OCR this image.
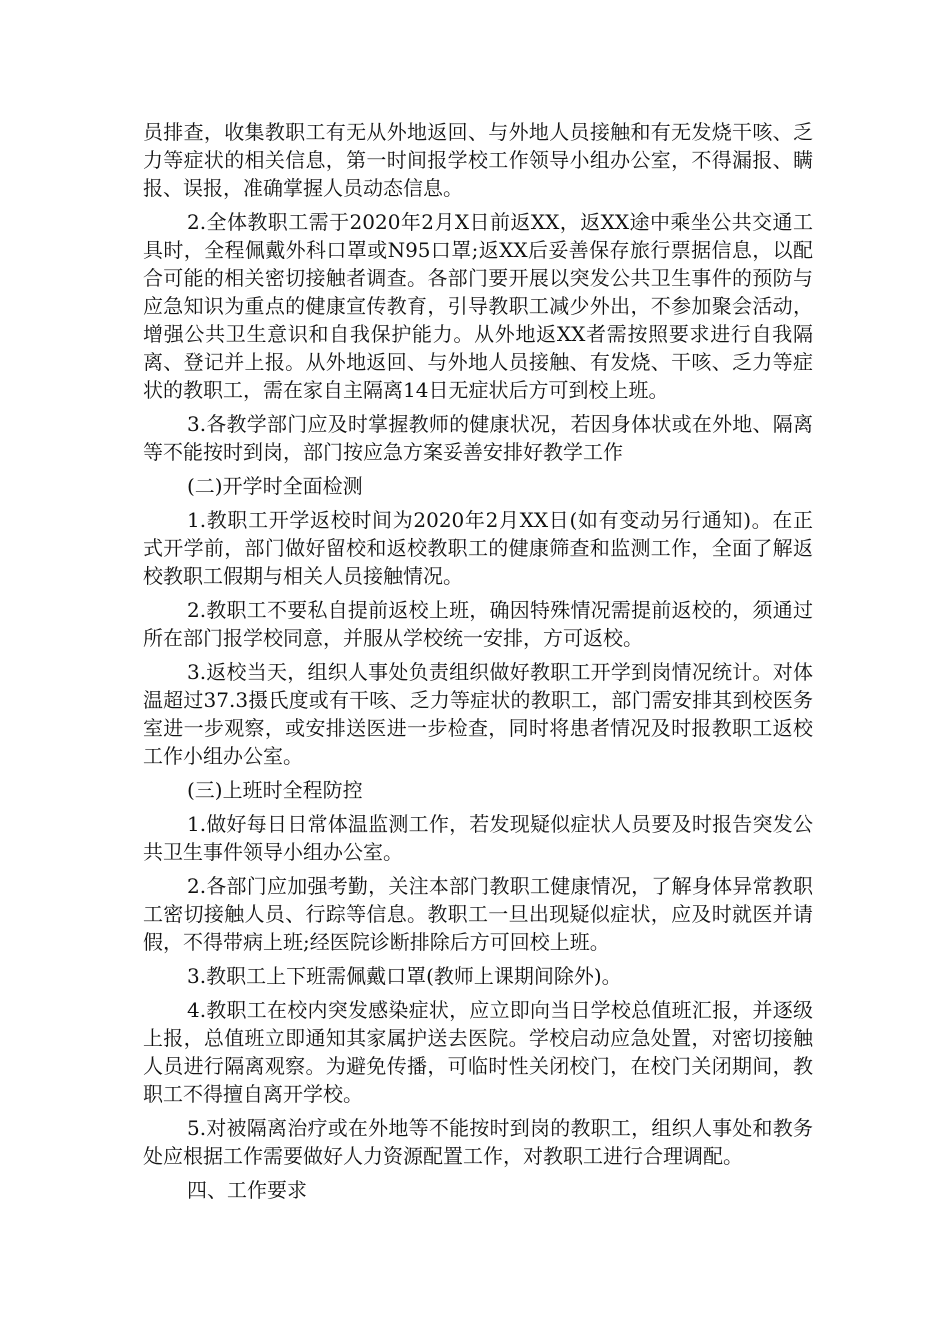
员排查，收集教职工有无从外地返回、与外地人员接触和有无发烧干咳、乏力等症状的相关信息，第一时间报学校工作领导小组办公室，不得漏报、瞒报、误报，准确掌握人员动态信息。

2.全体教职工需于2020年2月X日前返XX，返XX途中乘坐公共交通工具时，全程佩戴外科口罩或N95口罩;返XX后妥善保存旅行票据信息，以配合可能的相关密切接触者调查。各部门要开展以突发公共卫生事件的预防与应急知识为重点的健康宣传教育，引导教职工减少外出，不参加聚会活动，增强公共卫生意识和自我保护能力。从外地返XX者需按照要求进行自我隔离、登记并上报。从外地返回、与外地人员接触、有发烧、干咳、乏力等症状的教职工，需在家自主隔离14日无症状后方可到校上班。

3.各教学部门应及时掌握教师的健康状况，若因身体状或在外地、隔离等不能按时到岗，部门按应急方案妥善安排好教学工作

(二)开学时全面检测

1.教职工开学返校时间为2020年2月XX日(如有变动另行通知)。在正式开学前，部门做好留校和返校教职工的健康筛查和监测工作，全面了解返校教职工假期与相关人员接触情况。

2.教职工不要私自提前返校上班，确因特殊情况需提前返校的，须通过所在部门报学校同意，并服从学校统一安排，方可返校。

3.返校当天，组织人事处负责组织做好教职工开学到岗情况统计。对体温超过37.3摄氏度或有干咳、乏力等症状的教职工，部门需安排其到校医务室进一步观察，或安排送医进一步检查，同时将患者情况及时报教职工返校工作小组办公室。

(三)上班时全程防控

1.做好每日日常体温监测工作，若发现疑似症状人员要及时报告突发公共卫生事件领导小组办公室。

2.各部门应加强考勤，关注本部门教职工健康情况，了解身体异常教职工密切接触人员、行踪等信息。教职工一旦出现疑似症状，应及时就医并请假，不得带病上班;经医院诊断排除后方可回校上班。

3.教职工上下班需佩戴口罩(教师上课期间除外)。

4.教职工在校内突发感染症状，应立即向当日学校总值班汇报，并逐级上报，总值班立即通知其家属护送去医院。学校启动应急处置，对密切接触人员进行隔离观察。为避免传播，可临时性关闭校门，在校门关闭期间，教职工不得擅自离开学校。

5.对被隔离治疗或在外地等不能按时到岗的教职工，组织人事处和教务处应根据工作需要做好人力资源配置工作，对教职工进行合理调配。

四、工作要求
